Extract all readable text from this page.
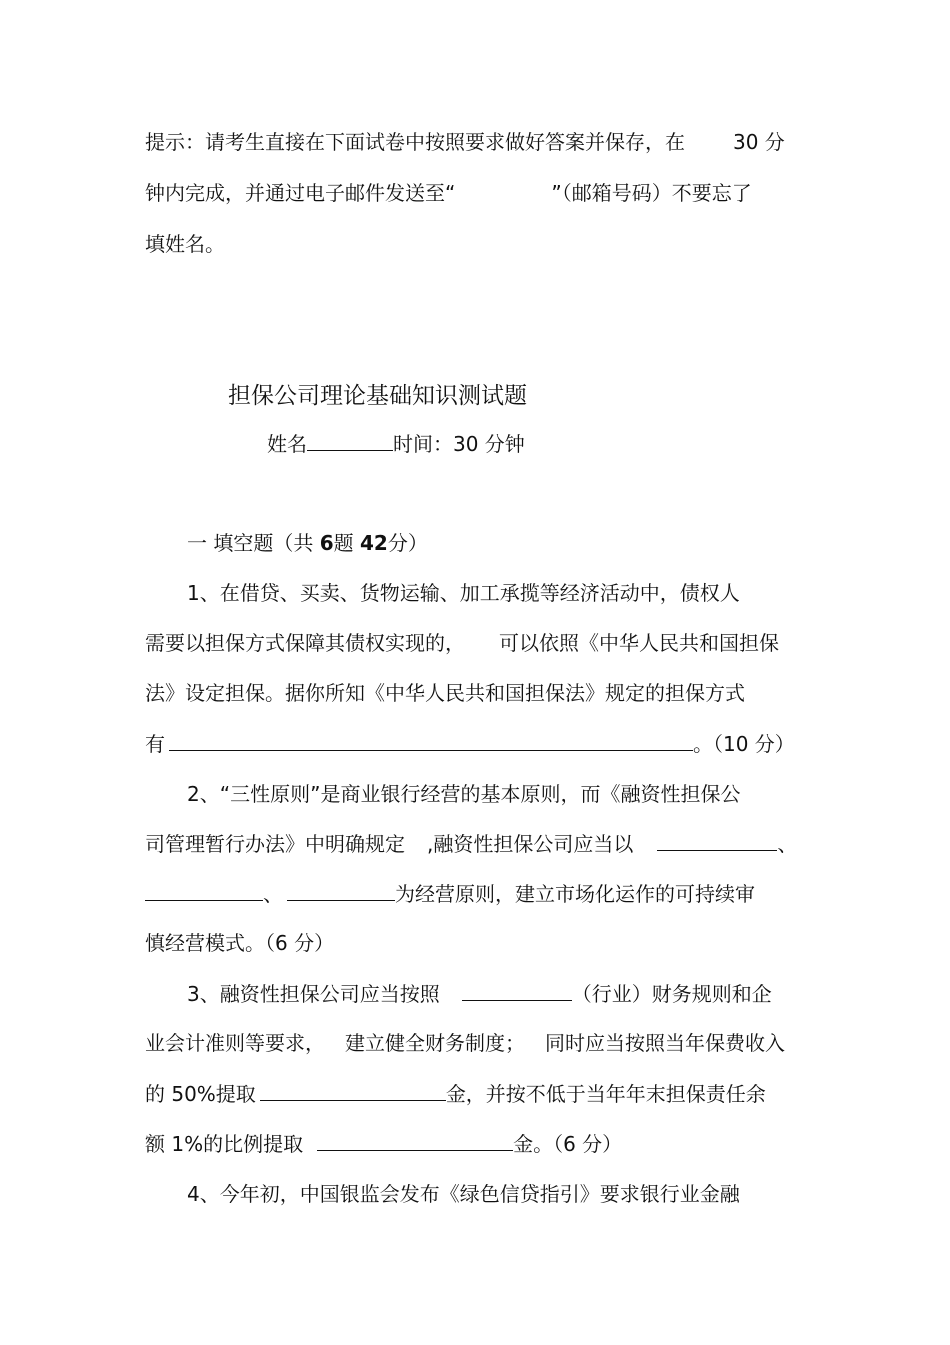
提示：请考生直接在下面试卷中按照要求做好答案并保存，在 30 分
钟内完成，并通过电子邮件发送至“	”（邮箱号码）不要忘了
填姓名。
担保公司理论基础知识测试题
姓名	时间：30 分钟
一 填空题（共 6题 42分）
1、在借贷、买卖、货物运输、加工承揽等经济活动中，债权人
需要以担保方式保障其债权实现的， 可以依照《中华人民共和国担保
法》设定担保。据你所知《中华人民共和国担保法》规定的担保方式
有	。（10 分）
2、“三性原则”是商业银行经营的基本原则，而《融资性担保公
司管理暂行办法》中明确规定 ,融资性担保公司应当以	、
、	为经营原则，建立市场化运作的可持续审
慎经营模式。（6 分）
3、融资性担保公司应当按照	（行业）财务规则和企
业会计准则等要求， 建立健全财务制度； 同时应当按照当年保费收入
的 50%提取	金，并按不低于当年年末担保责任余
额 1%的比例提取	金。（6 分）
4、今年初，中国银监会发布《绿色信贷指引》要求银行业金融
